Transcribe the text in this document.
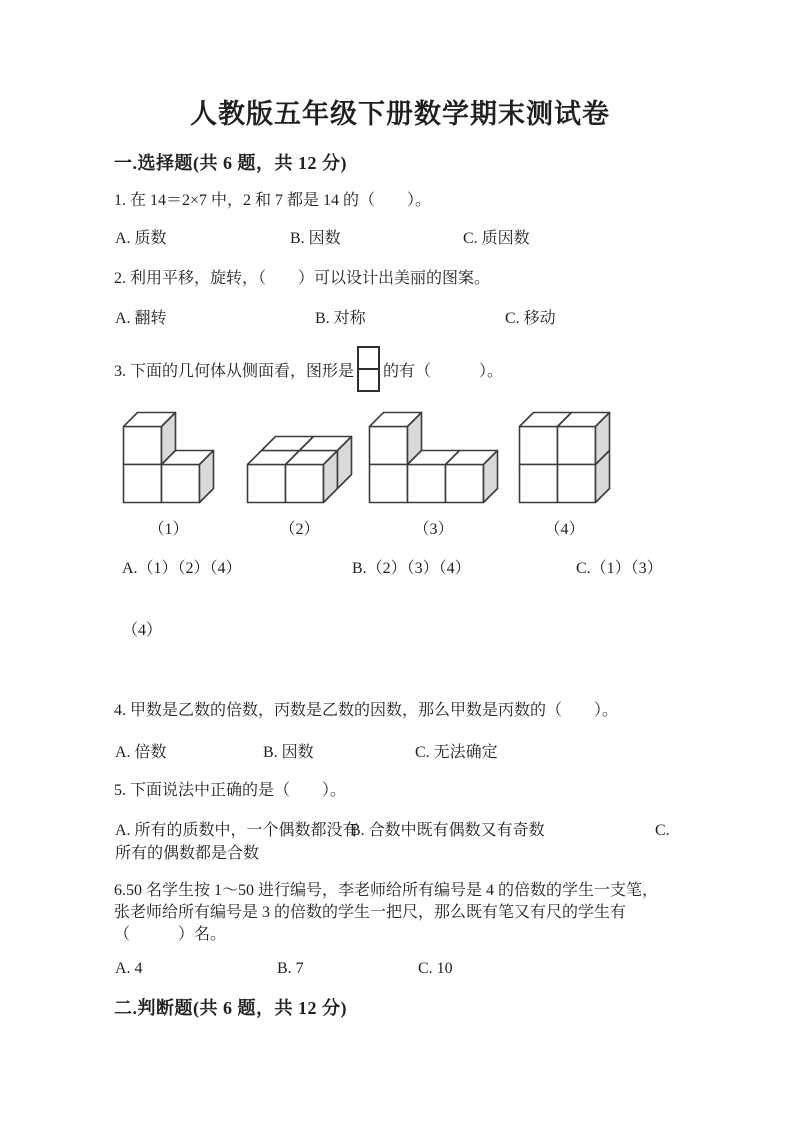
人教版五年级下册数学期末测试卷
一.选择题(共 6 题，共 12 分)
1. 在 14＝2×7 中，2 和 7 都是 14 的（　　）。
A. 质数	B. 因数	C. 质因数
2. 利用平移，旋转，（　　）可以设计出美丽的图案。
A. 翻转	B. 对称	C. 移动
3. 下面的几何体从侧面看，图形是 的有（　　　）。
（1）	（2）	（3）	（4）
A.（1）（2）（4）	B.（2）（3）（4）	C.（1）（3）
（4）
4. 甲数是乙数的倍数，丙数是乙数的因数，那么甲数是丙数的（　　）。
A. 倍数	B. 因数	C. 无法确定
5. 下面说法中正确的是（　　）。
A. 所有的质数中，一个偶数都没有
B. 合数中既有偶数又有奇数	C.
所有的偶数都是合数
6.50 名学生按 1～50 进行编号，李老师给所有编号是 4 的倍数的学生一支笔，
张老师给所有编号是 3 的倍数的学生一把尺，那么既有笔又有尺的学生有
（　　　）名。
A. 4	B. 7	C. 10
二.判断题(共 6 题，共 12 分)
